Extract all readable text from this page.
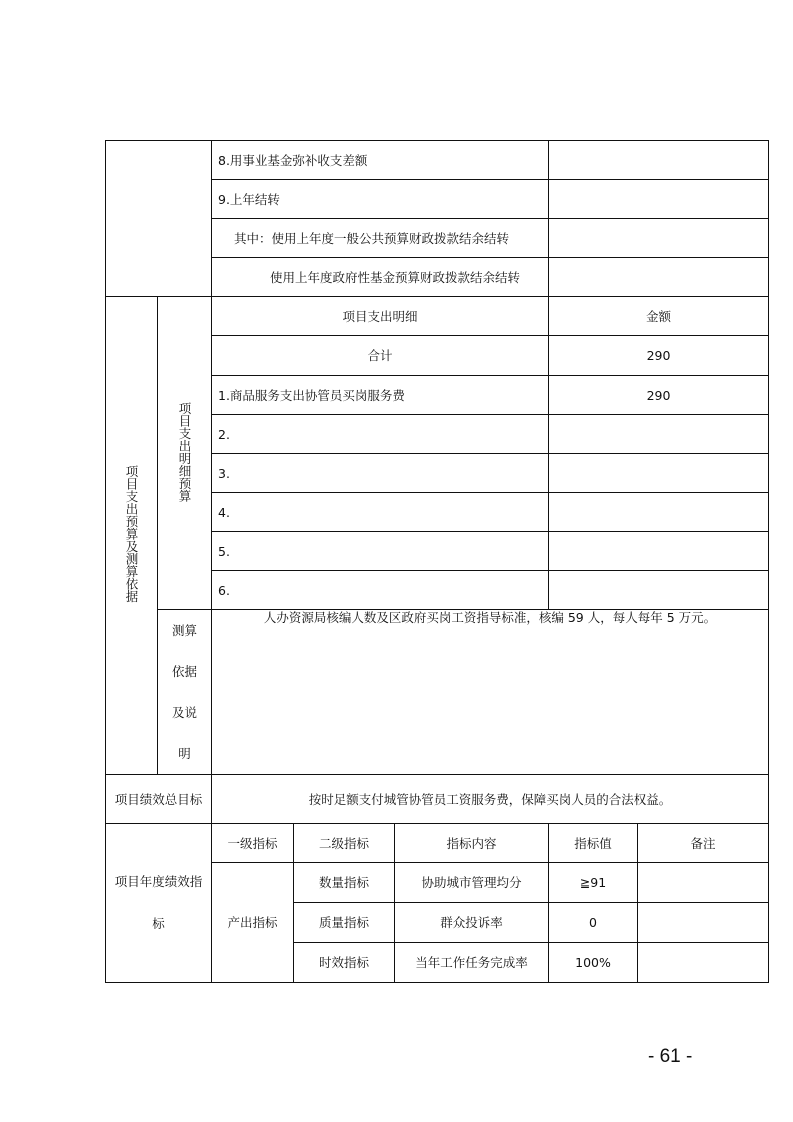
		8.用事业基金弥补收支差额				
		9.上年结转				
		其中：使用上年度一般公共预算财政拨款结余结转				
		使用上年度政府性基金预算财政拨款结余结转				
项目支出预算及测算依据	项目支出明细预算	项目支出明细			金额	
		合计			290	
		1.商品服务支出协管员买岗服务费			290	
		2.				
		3.				
		4.				
		5.				
		6.				

	测算
依据
及说
明	人办资源局核编人数及区政府买岗工资指导标准，核编 59 人，每人每年 5 万元。				
项目绩效总目标		按时足额支付城管协管员工资服务费，保障买岗人员的合法权益。				

项目年度绩效指标		一级指标	二级指标	指标内容	指标值	备注
		产出指标	数量指标	协助城市管理均分	≧91	
			质量指标	群众投诉率	0	
			时效指标	当年工作任务完成率	100%	
- 61 -
